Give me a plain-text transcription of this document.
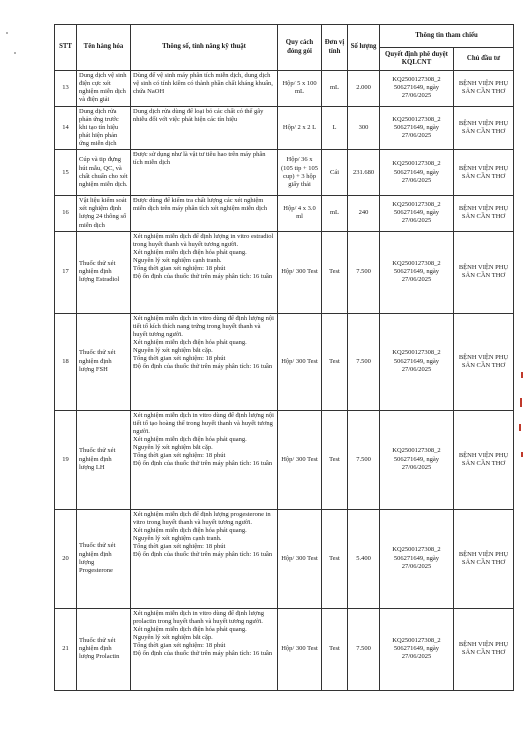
STT	Tên hàng hóa	Thông số, tính năng kỹ thuật	Quy cách đóng gói	Đơn vị tính	Số lượng	Thông tin tham chiếu	
						Quyết định phê duyệt KQLCNT	Chủ đầu tư
13	Dung dịch vệ sinh điện cực xét nghiệm miễn dịch và điện giải	Dùng để vệ sinh máy phân tích miễn dịch, dung dịch vệ sinh có tính kiềm có thành phần chất kháng khuẩn, chứa NaOH	Hộp/ 5 x 100 mL	mL	2.000	KQ2500127308_2 506271649, ngày 27/06/2025	BỆNH VIỆN PHỤ SẢN CẦN THƠ
14	Dung dịch rửa phản ứng trước khi tạo tín hiệu phát hiện phản ứng miễn dịch	Dung dịch rửa dùng để loại bỏ các chất có thể gây nhiễu đối với việc phát hiện các tín hiệu	Hộp/ 2 x 2 L	L	300	KQ2500127308_2 506271649, ngày 27/06/2025	BỆNH VIỆN PHỤ SẢN CẦN THƠ
15	Cúp và tip đựng hút mẫu, QC, và chất chuẩn cho xét nghiệm miễn dịch.	Được sử dụng như là vật tư tiêu hao trên máy phân tích miễn dịch	Hộp/ 36 x (105 tip + 105 cup) + 3 hộp giấy thải	Cái	231.680	KQ2500127308_2 506271649, ngày 27/06/2025	BỆNH VIỆN PHỤ SẢN CẦN THƠ
16	Vật liệu kiểm soát xét nghiệm định lượng 24 thông số miễn dịch	Được dùng để kiểm tra chất lượng các xét nghiệm miễn dịch trên máy phân tích xét nghiệm miễn dịch	Hộp/ 4 x 3.0 ml	mL	240	KQ2500127308_2 506271649, ngày 27/06/2025	BỆNH VIỆN PHỤ SẢN CẦN THƠ
17	Thuốc thử xét nghiệm định lượng Estradiol	Xét nghiệm miễn dịch để định lượng in vitro estradiol trong huyết thanh và huyết tương người.
Xét nghiệm miễn dịch điện hóa phát quang.
Nguyên lý xét nghiệm cạnh tranh.
Tổng thời gian xét nghiệm: 18 phút
Độ ổn định của thuốc thử trên máy phân tích: 16 tuần	Hộp/ 300 Test	Test	7.500	KQ2500127308_2 506271649, ngày 27/06/2025	BỆNH VIỆN PHỤ SẢN CẦN THƠ
18	Thuốc thử xét nghiệm định lượng FSH	Xét nghiệm miễn dịch in vitro dùng để định lượng nội tiết tố kích thích nang trứng trong huyết thanh và huyết tương người.
Xét nghiệm miễn dịch điện hóa phát quang.
Nguyên lý xét nghiệm bắt cặp.
Tổng thời gian xét nghiệm: 18 phút
Độ ổn định của thuốc thử trên máy phân tích: 16 tuần	Hộp/ 300 Test	Test	7.500	KQ2500127308_2 506271649, ngày 27/06/2025	BỆNH VIỆN PHỤ SẢN CẦN THƠ
19	Thuốc thử xét nghiệm định lượng LH	Xét nghiệm miễn dịch in vitro dùng để định lượng nội tiết tố tạo hoàng thể trong huyết thanh và huyết tương người.
Xét nghiệm miễn dịch điện hóa phát quang.
Nguyên lý xét nghiệm bắt cặp.
Tổng thời gian xét nghiệm: 18 phút
Độ ổn định của thuốc thử trên máy phân tích: 16 tuần	Hộp/ 300 Test	Test	7.500	KQ2500127308_2 506271649, ngày 27/06/2025	BỆNH VIỆN PHỤ SẢN CẦN THƠ
20	Thuốc thử xét nghiệm định lượng Progesterone	Xét nghiệm miễn dịch để định lượng progesterone in vitro trong huyết thanh và huyết tương người.
Xét nghiệm miễn dịch điện hóa phát quang.
Nguyên lý xét nghiệm cạnh tranh.
Tổng thời gian xét nghiệm: 18 phút
Độ ổn định của thuốc thử trên máy phân tích: 16 tuần	Hộp/ 300 Test	Test	5.400	KQ2500127308_2 506271649, ngày 27/06/2025	BỆNH VIỆN PHỤ SẢN CẦN THƠ
21	Thuốc thử xét nghiệm định lượng Prolactin	Xét nghiệm miễn dịch in vitro dùng để định lượng prolactin trong huyết thanh và huyết tương người.
Xét nghiệm miễn dịch điện hóa phát quang.
Nguyên lý xét nghiệm bắt cặp.
Tổng thời gian xét nghiệm: 18 phút
Độ ổn định của thuốc thử trên máy phân tích: 16 tuần	Hộp/ 300 Test	Test	7.500	KQ2500127308_2 506271649, ngày 27/06/2025	BỆNH VIỆN PHỤ SẢN CẦN THƠ
